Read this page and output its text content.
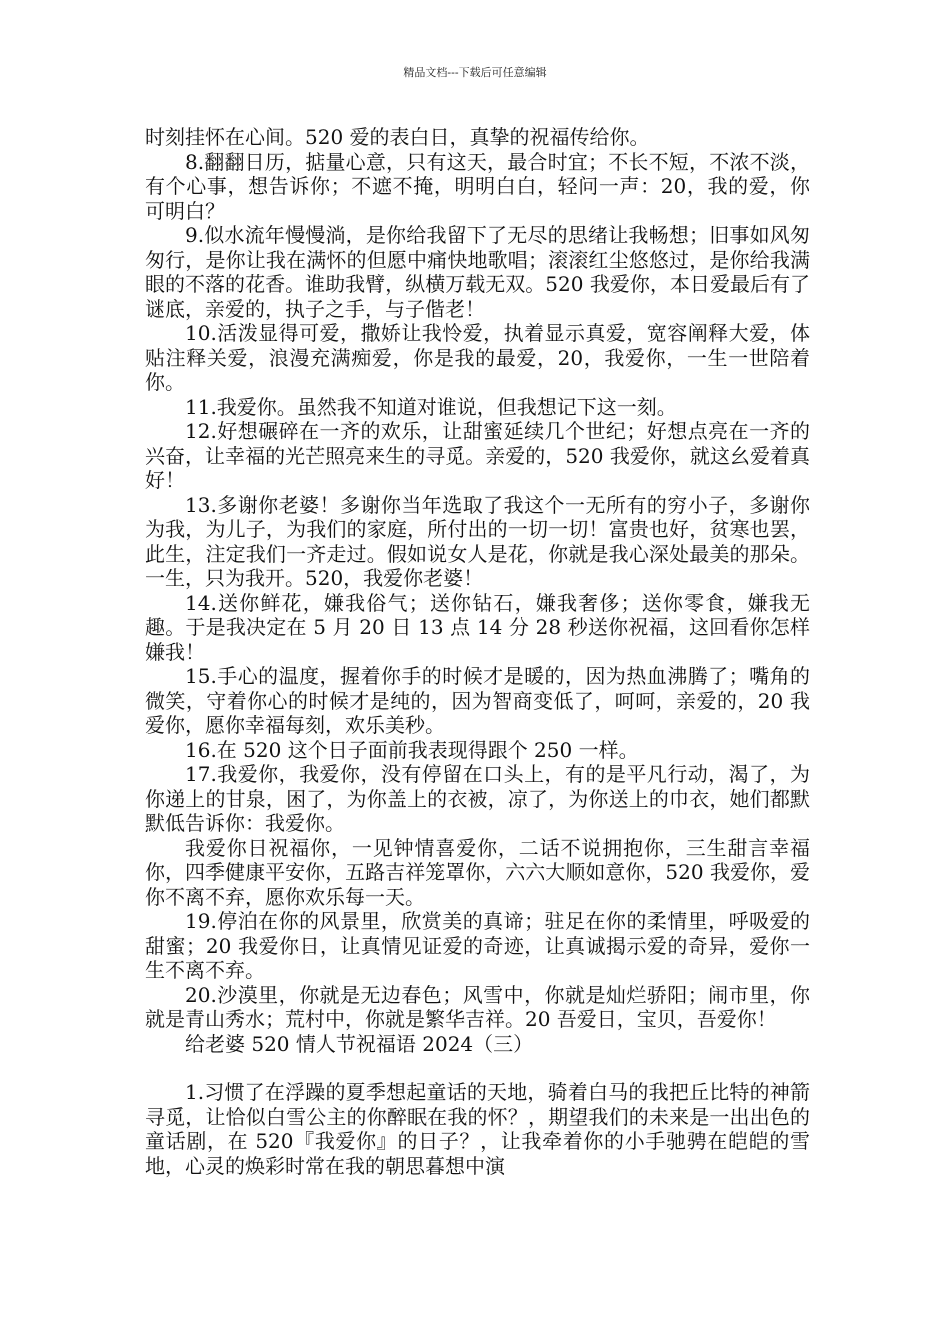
精品文档---下载后可任意编辑

时刻挂怀在心间。520 爱的表白日，真挚的祝福传给你。

8.翻翻日历，掂量心意，只有这天，最合时宜；不长不短，不浓不淡，有个心事，想告诉你；不遮不掩，明明白白，轻问一声：20，我的爱，你可明白？

9.似水流年慢慢淌，是你给我留下了无尽的思绪让我畅想；旧事如风匆匆行，是你让我在满怀的但愿中痛快地歌唱；滚滚红尘悠悠过，是你给我满眼的不落的花香。谁助我臂，纵横万载无双。520 我爱你，本日爱最后有了谜底，亲爱的，执子之手，与子偕老！

10.活泼显得可爱，撒娇让我怜爱，执着显示真爱，宽容阐释大爱，体贴注释关爱，浪漫充满痴爱，你是我的最爱，20，我爱你，一生一世陪着你。

11.我爱你。虽然我不知道对谁说，但我想记下这一刻。

12.好想碾碎在一齐的欢乐，让甜蜜延续几个世纪；好想点亮在一齐的兴奋，让幸福的光芒照亮来生的寻觅。亲爱的，520 我爱你，就这幺爱着真好！

13.多谢你老婆！多谢你当年选取了我这个一无所有的穷小子，多谢你为我，为儿子，为我们的家庭，所付出的一切一切！富贵也好，贫寒也罢，此生，注定我们一齐走过。假如说女人是花，你就是我心深处最美的那朵。一生，只为我开。520，我爱你老婆！

14.送你鲜花，嫌我俗气；送你钻石，嫌我奢侈；送你零食，嫌我无趣。于是我决定在 5 月 20 日 13 点 14 分 28 秒送你祝福，这回看你怎样嫌我！

15.手心的温度，握着你手的时候才是暖的，因为热血沸腾了；嘴角的微笑，守着你心的时候才是纯的，因为智商变低了，呵呵，亲爱的，20 我爱你，愿你幸福每刻，欢乐美秒。

16.在 520 这个日子面前我表现得跟个 250 一样。

17.我爱你，我爱你，没有停留在口头上，有的是平凡行动，渴了，为你递上的甘泉，困了，为你盖上的衣被，凉了，为你送上的巾衣，她们都默默低告诉你：我爱你。

我爱你日祝福你，一见钟情喜爱你，二话不说拥抱你，三生甜言幸福你，四季健康平安你，五路吉祥笼罩你，六六大顺如意你，520 我爱你，爱你不离不弃，愿你欢乐每一天。

19.停泊在你的风景里，欣赏美的真谛；驻足在你的柔情里，呼吸爱的甜蜜；20 我爱你日，让真情见证爱的奇迹，让真诚揭示爱的奇异，爱你一生不离不弃。

20.沙漠里，你就是无边春色；风雪中，你就是灿烂骄阳；闹市里，你就是青山秀水；荒村中，你就是繁华吉祥。20 吾爱日，宝贝，吾爱你！

给老婆 520 情人节祝福语 2024（三）

1.习惯了在浮躁的夏季想起童话的天地，骑着白马的我把丘比特的神箭寻觅，让恰似白雪公主的你醉眠在我的怀？，期望我们的未来是一出出色的童话剧，在 520『我爱你』的日子？，让我牵着你的小手驰骋在皑皑的雪地，心灵的焕彩时常在我的朝思暮想中演
